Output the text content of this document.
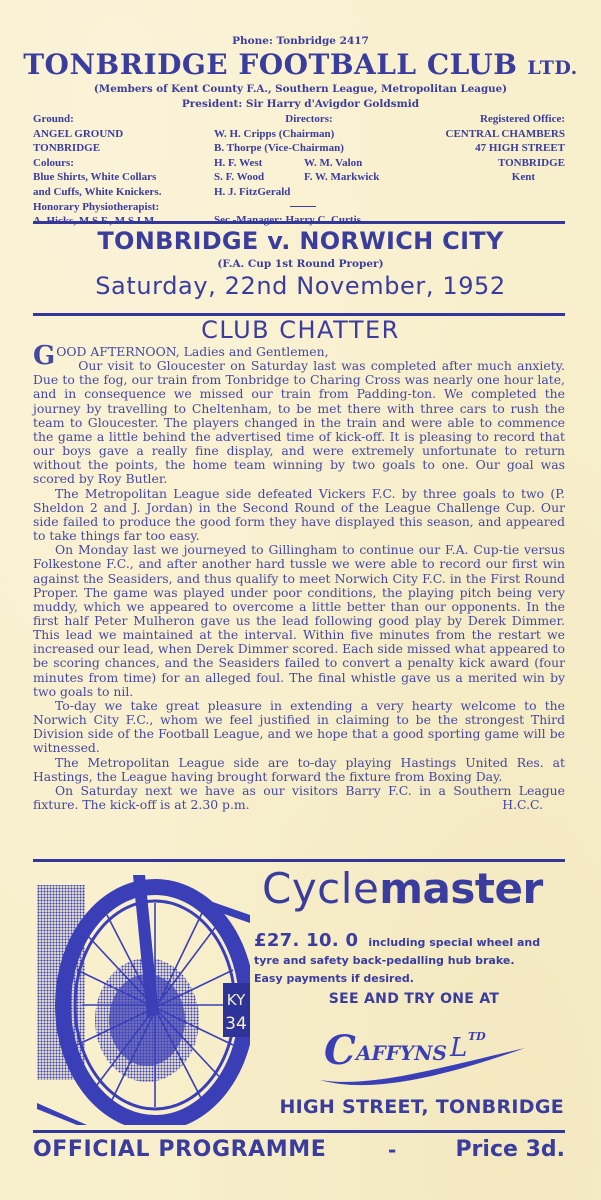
Phone: Tonbridge 2417
TONBRIDGE FOOTBALL CLUB LTD.
(Members of Kent County F.A., Southern League, Metropolitan League)
President: Sir Harry d'Avigdor Goldsmid
Ground:
ANGEL GROUND
TONBRIDGE
Colours:
Blue Shirts, White Collars
and Cuffs, White Knickers.
Honorary Physiotherapist:
Directors:
W. H. Cripps (Chairman)
B. Thorpe (Vice-Chairman)
H. F. West	W. M. Valon
S. F. Wood	F. W. Markwick
H. J. FitzGerald
Registered Office:
CENTRAL CHAMBERS
47 HIGH STREET
TONBRIDGE
Kent
TONBRIDGE v. NORWICH CITY
(F.A. Cup 1st Round Proper)
Saturday, 22nd November, 1952
CLUB CHATTER

GOOD AFTERNOON, Ladies and Gentlemen,

Our visit to Gloucester on Saturday last was completed after much anxiety. Due to the fog, our train from Tonbridge to Charing Cross was nearly one hour late, and in consequence we missed our train from Padding-ton. We completed the journey by travelling to Cheltenham, to be met there with three cars to rush the team to Gloucester. The players changed in the train and were able to commence the game a little behind the advertised time of kick-off. It is pleasing to record that our boys gave a really fine display, and were extremely unfortunate to return without the points, the home team winning by two goals to one. Our goal was scored by Roy Butler.

The Metropolitan League side defeated Vickers F.C. by three goals to two (P. Sheldon 2 and J. Jordan) in the Second Round of the League Challenge Cup. Our side failed to produce the good form they have displayed this season, and appeared to take things far too easy.

On Monday last we journeyed to Gillingham to continue our F.A. Cup-tie versus Folkestone F.C., and after another hard tussle we were able to record our first win against the Seasiders, and thus qualify to meet Norwich City F.C. in the First Round Proper. The game was played under poor conditions, the playing pitch being very muddy, which we appeared to overcome a little better than our opponents. In the first half Peter Mulheron gave us the lead following good play by Derek Dimmer. This lead we maintained at the interval. Within five minutes from the restart we increased our lead, when Derek Dimmer scored. Each side missed what appeared to be scoring chances, and the Seasiders failed to convert a penalty kick award (four minutes from time) for an alleged foul. The final whistle gave us a merited win by two goals to nil.

To-day we take great pleasure in extending a very hearty welcome to the Norwich City F.C., whom we feel justified in claiming to be the strongest Third Division side of the Football League, and we hope that a good sporting game will be witnessed.

The Metropolitan League side are to-day playing Hastings United Res. at Hastings, the League having brought forward the fixture from Boxing Day.

On Saturday next we have as our visitors Barry F.C. in a Southern League fixture. The kick-off is at 2.30 p.m.	H.C.C.

KY
34
Cyclemaster
£27. 10. 0 including special wheel and
tyre and safety back-pedalling hub brake.
Easy payments if desired.
SEE AND TRY ONE AT
C AFFYNS L TD
HIGH STREET, TONBRIDGE
OFFICIAL PROGRAMME	-	Price 3d.
